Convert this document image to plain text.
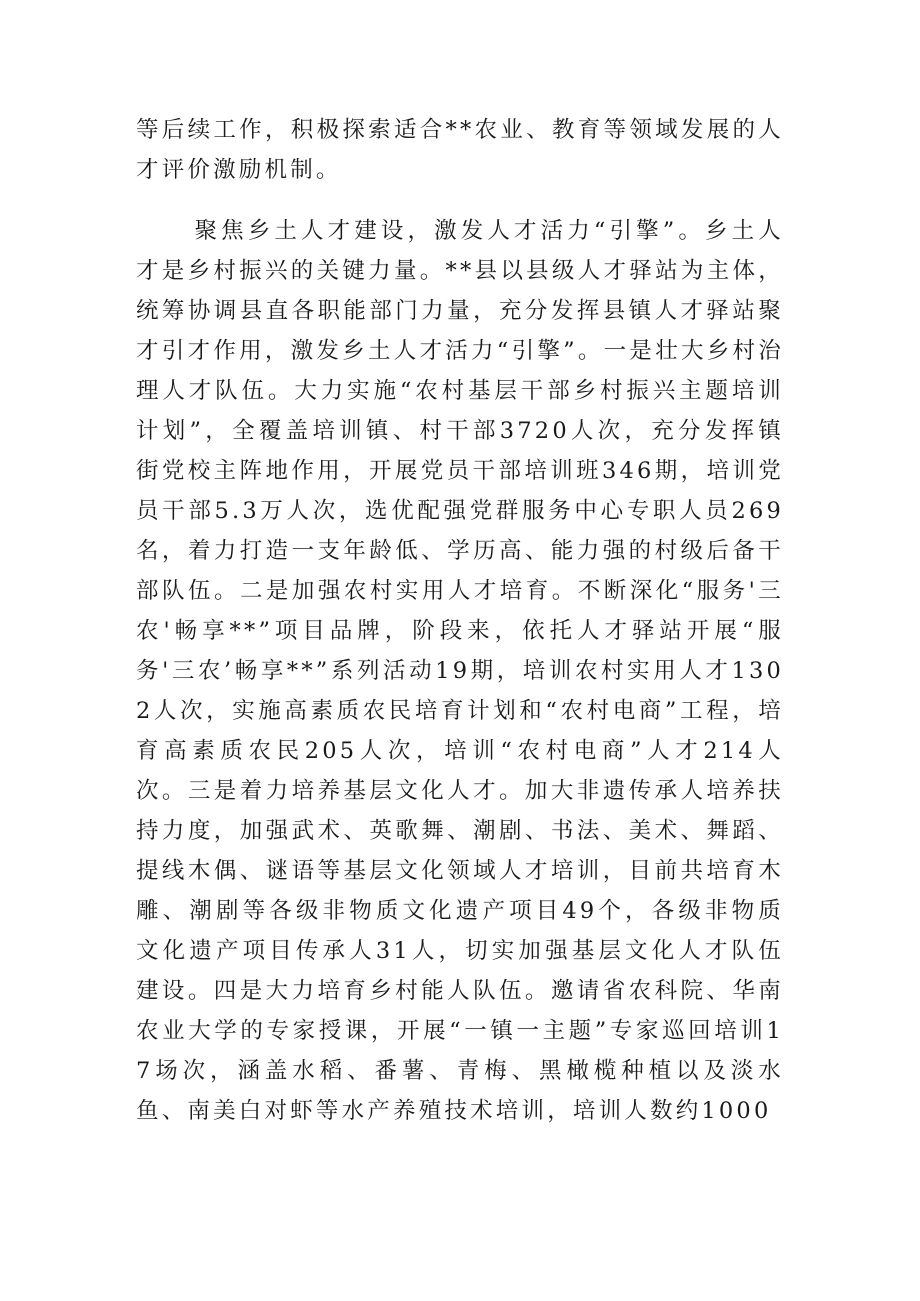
等后续工作，积极探索适合**农业、教育等领域发展的人才评价激励机制。

聚焦乡土人才建设，激发人才活力“引擎”。乡土人才是乡村振兴的关键力量。**县以县级人才驿站为主体，统筹协调县直各职能部门力量，充分发挥县镇人才驿站聚才引才作用，激发乡土人才活力“引擎”。一是壮大乡村治理人才队伍。大力实施“农村基层干部乡村振兴主题培训计划”，全覆盖培训镇、村干部3720人次，充分发挥镇街党校主阵地作用，开展党员干部培训班346期，培训党员干部5.3万人次，选优配强党群服务中心专职人员269名，着力打造一支年龄低、学历高、能力强的村级后备干部队伍。二是加强农村实用人才培育。不断深化“服务'三农'畅享**”项目品牌，阶段来，依托人才驿站开展“服务'三农’畅享**”系列活动19期，培训农村实用人才1302人次，实施高素质农民培育计划和“农村电商”工程，培育高素质农民205人次，培训“农村电商”人才214人次。三是着力培养基层文化人才。加大非遗传承人培养扶持力度，加强武术、英歌舞、潮剧、书法、美术、舞蹈、提线木偶、谜语等基层文化领域人才培训，目前共培育木雕、潮剧等各级非物质文化遗产项目49个，各级非物质文化遗产项目传承人31人，切实加强基层文化人才队伍建设。四是大力培育乡村能人队伍。邀请省农科院、华南农业大学的专家授课，开展“一镇一主题”专家巡回培训17场次，涵盖水稻、番薯、青梅、黑橄榄种植以及淡水鱼、南美白对虾等水产养殖技术培训，培训人数约1000
